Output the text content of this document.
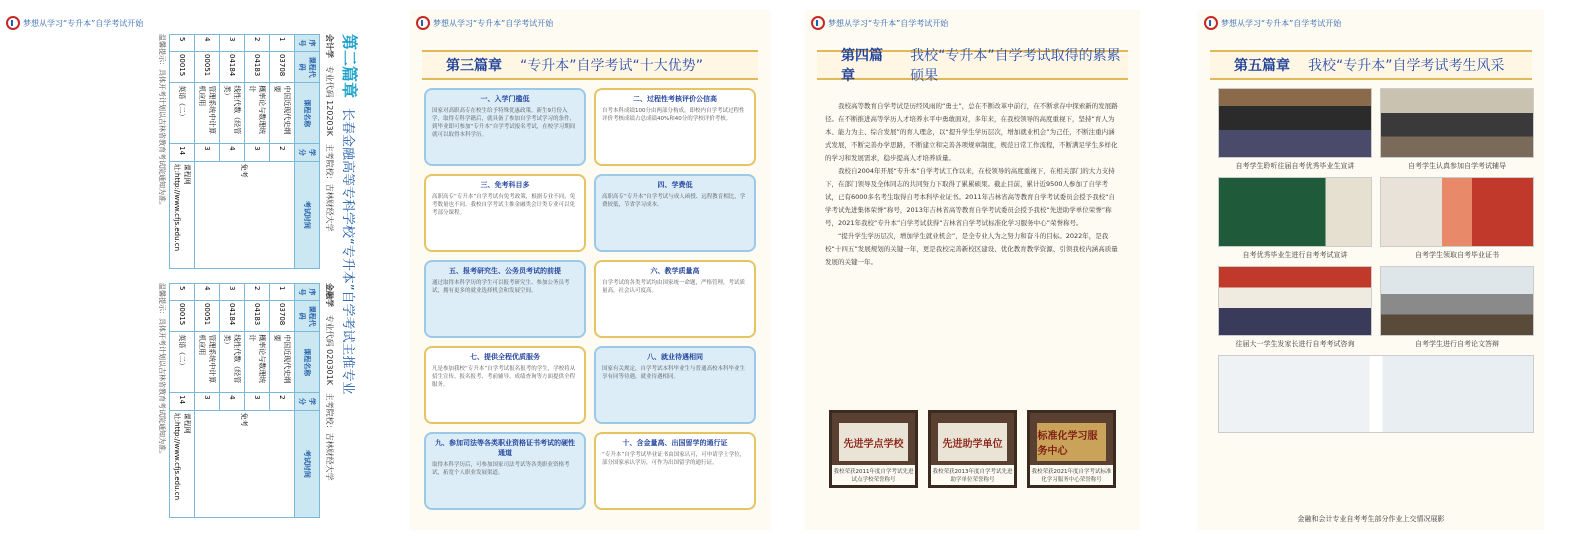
梦想从学习“专升本”自学考试开始
第二篇章长春金融高等专科学校“专升本”自学考试主推专业
会计学   专业代码 120203K   主考院校：吉林财经大学
序号	课程代码	课程名称	学分	考试时间
1	03708	中国近现代史纲要	2	免考
2	04183	概率论与数理统计	3	
3	04184	线性代数（经管类）	4	
4	00051	管理系统中计算机应用	3	
5	00015	英语（二）	14	课程网址:http://www.cfjs.edu.cn
温馨提示：具体开考计划以吉林省教育考试院通知为准。
金融学   专业代码 020301K   主考院校：吉林财经大学
序号	课程代码	课程名称	学分	考试时间
1	03708	中国近现代史纲要	2	免考
2	04183	概率论与数理统计	3	
3	04184	线性代数（经管类）	4	
4	00051	管理系统中计算机应用	3	
5	00015	英语（二）	14	课程网址:http://www.cfjs.edu.cn
温馨提示：具体开考计划以吉林省教育考试院通知为准。
梦想从学习“专升本”自学考试开始
第三篇章 “专升本”自学考试“十大优势”
一、入学门槛低

国家对高职高专在校生给予特殊优惠政策。新生9月份入学，取得专科学籍后，就具备了参加自学考试学习的条件，到毕业即可参加“专升本”自学考试报名考试，在校学习期间就可以取得本科学历。

二、过程性考核评价公信高

自考本科成绩100分由两部分构成，即校内自学考试过程性评价考核成绩占总成绩40%和40分的学校评价考核。

三、免考科目多

高职高专“专升本”自学考试有免考政策，根据专业不同，免考数量也不同。我校自学考试主推金融类会计类专业可以免考部分课程。

四、学费低

高职高专“专升本”自学考试与成人函授、远程教育相比，学费较低，节省学习成本。

五、报考研究生、公务员考试的前提

通过取得本科学历的学生可以报考研究生、参加公务员考试，拥有更多的就业选择机会和发展空间。

六、教学质量高

自学考试的各类考试均由国家统一命题，严格管理，考试质量高，社会认可度高。

七、提供全程优质服务

凡是参加我校“专升本”自学考试报名报考的学生，学校将从招生宣传、报名报考、考前辅导、成绩查询等方面提供全程服务。

八、就业待遇相同

国家有关规定，自学考试本科毕业生与普通高校本科毕业生享有同等待遇，就业待遇相同。

九、参加司法等各类职业资格证书考试的硬性通道

取得本科学历后，可参加国家司法考试等各类职业资格考试，拓宽个人职业发展渠道。

十、含金量高、出国留学的通行证

“专升本”自学考试毕业证书由国家认可，可申请学士学位，部分国家承认学历，可作为出国留学的通行证。

梦想从学习“专升本”自学考试开始
第四篇章
我校“专升本”自学考试取得的累累硕果

我校高等教育自学考试是历经风雨的“勇士”，总在不断改革中前行，在不断求存中探索新的发展路径。在不断推进高等学历人才培养水平中勇敢面对，多年来，在我校领导的高度重视下，坚持“育人为本、能力为主、综合发展”的育人理念，以“提升学生学历层次，增加就业机会”为己任，不断注重内涵式发展，不断完善办学思路，不断建立和完善各项规章制度，规范日常工作流程，不断满足学生多样化的学习和发展需求，稳步提高人才培养质量。

我校自2004年开展“专升本”自学考试工作以来，在校领导的高度重视下，在相关部门的大力支持下，在部门领导及全体同志的共同努力下取得了累累硕果。截止目前，累计近9500人参加了自学考试，已有6000多名考生取得自考本科毕业证书。2011年吉林省高等教育自学考试委员会授予我校“自学考试先进集体荣誉”称号，2013年吉林省高等教育自学考试委员会授予我校“先进助学单位荣誉”称号，2021年我校“专升本”自学考试获得“吉林省自学考试标准化学习服务中心”荣誉称号。

“提升学生学历层次，增加学生就业机会”，是全专业人为之努力和奋斗的目标。2022年，是我校“十四五”发展规划的关键一年，更是我校完善新校区建设、优化教育教学资源、引领我校内涵高质量发展的关键一年。

先进学点学校
我校荣获2011年度自学考试先进试点学校荣誉称号
先进助学单位
我校荣获2013年度自学考试先进助学单位荣誉称号
标准化学习服务中心
我校荣获2021年度自学考试标准化学习服务中心荣誉称号
梦想从学习“专升本”自学考试开始
第五篇章 我校“专升本”自学考试考生风采
自考学生聆听往届自考优秀毕业生宣讲	自考学生认真参加自学考试辅导
自考优秀毕业生进行自考考试宣讲	自考学生领取自考毕业证书
往届大一学生发家长进行自考考试咨询	自考学生进行自考论文答辩
金融和会计专业自考考生部分作业上交情况展影
